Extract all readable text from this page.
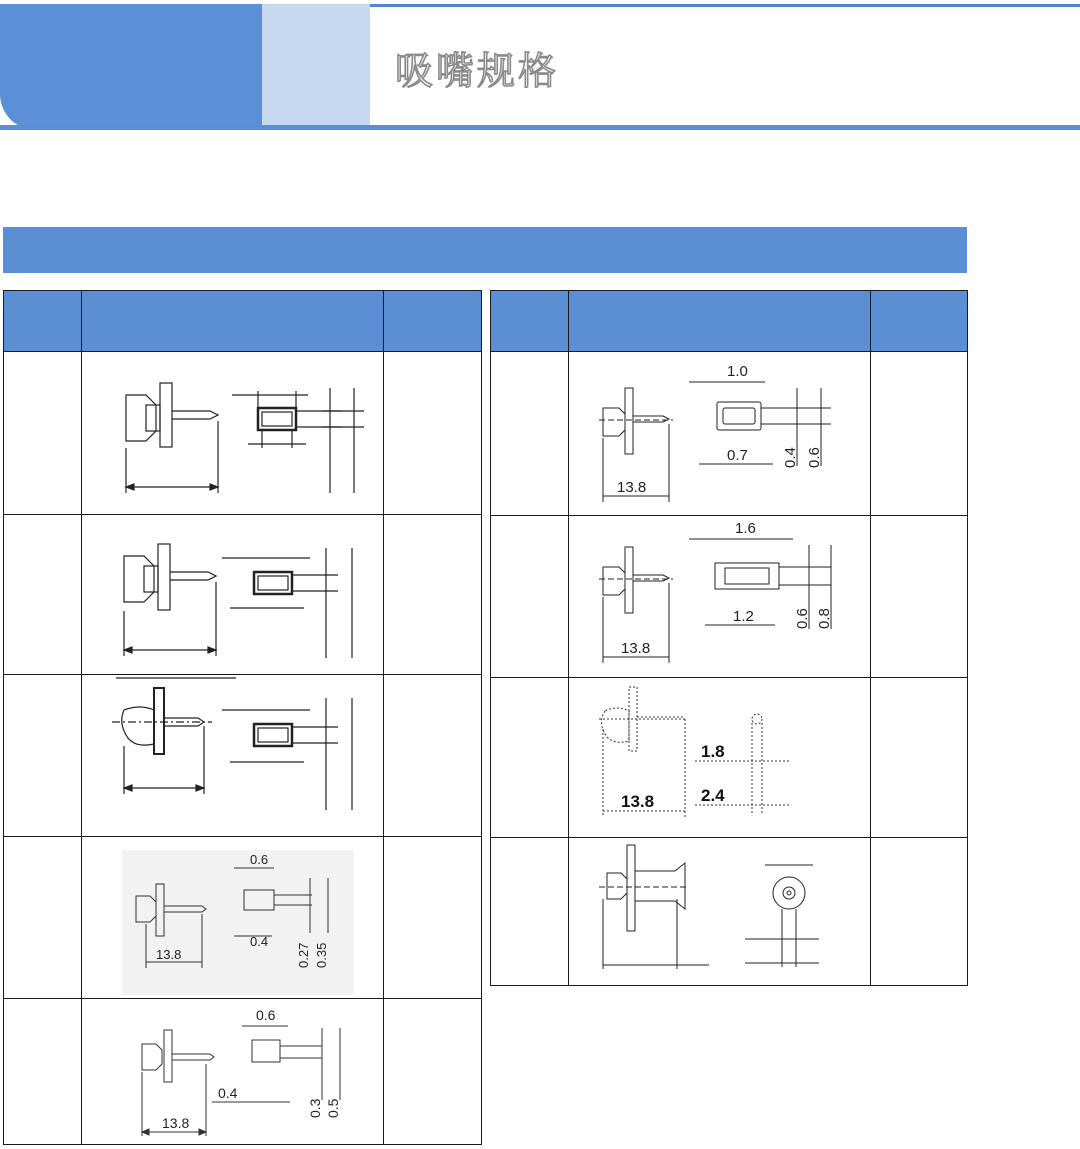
吸嘴规格

13.8
0.6
0.4
0.27 0.35	

13.8
0.6
0.4
0.3 0.5	

13.8
1.0
0.7 0.4 0.6	

13.8
1.6
1.2 0.6 0.8	

13.8
1.8
2.4	
